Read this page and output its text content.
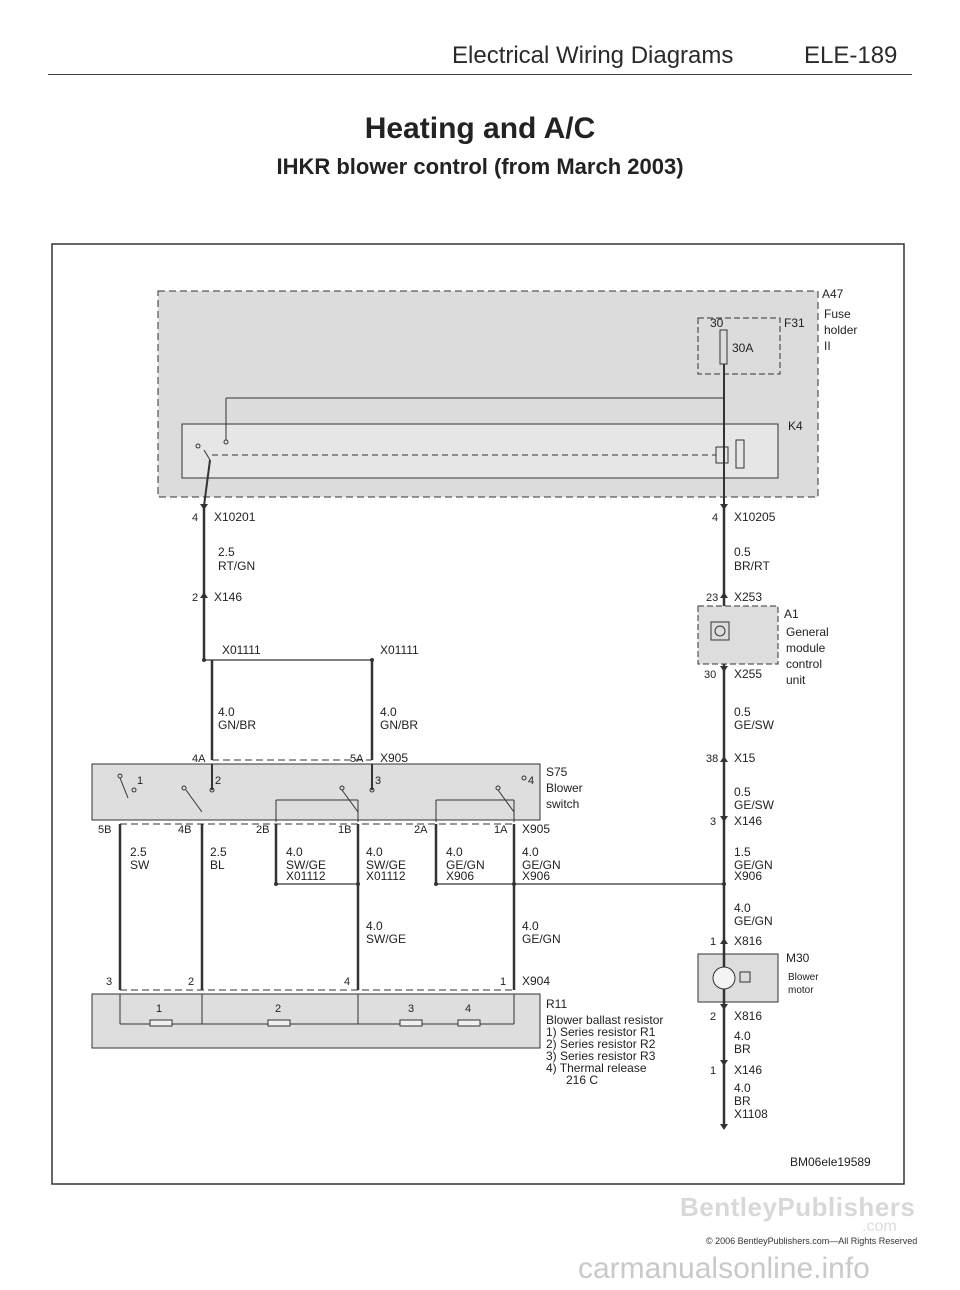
Electrical Wiring Diagrams	ELE-189
Heating and A/C
IHKR blower control (from March 2003)
A47
Fuse
holder
II
F31
30
30A
K4
4 X10201	4 X10205
2.5
RT/GN
0.5
BR/RT
2 X146	23 X253
A1
General
module
control
unit
30 X255
X01111	X01111
4.0
GN/BR
4.0
GN/BR
0.5
GE/SW
4A	5A X905	38 X15
1	2	3	4
S75
Blower
switch
0.5
GE/SW
3 X146
5B	4B	2B	1B	2A	1A X905
2.5
SW
2.5
BL
4.0
SW/GE
4.0
SW/GE
4.0
GE/GN
4.0
GE/GN
1.5
GE/GN
X01112	X01112	X906	X906	X906
4.0
GE/GN
4.0
SW/GE
4.0
GE/GN	1 X816
M30
Blower
motor
3	2	4	1 X904
1	2	3	4	R11
Blower ballast resistor
1) Series resistor R1
2) Series resistor R2
3) Series resistor R3
4) Thermal release
216 C
2 X816
4.0
BR
1 X146
4.0
BR
X1108
BM06ele19589
BentleyPublishers
.com
© 2006 BentleyPublishers.com—All Rights Reserved
carmanualsonline.info
